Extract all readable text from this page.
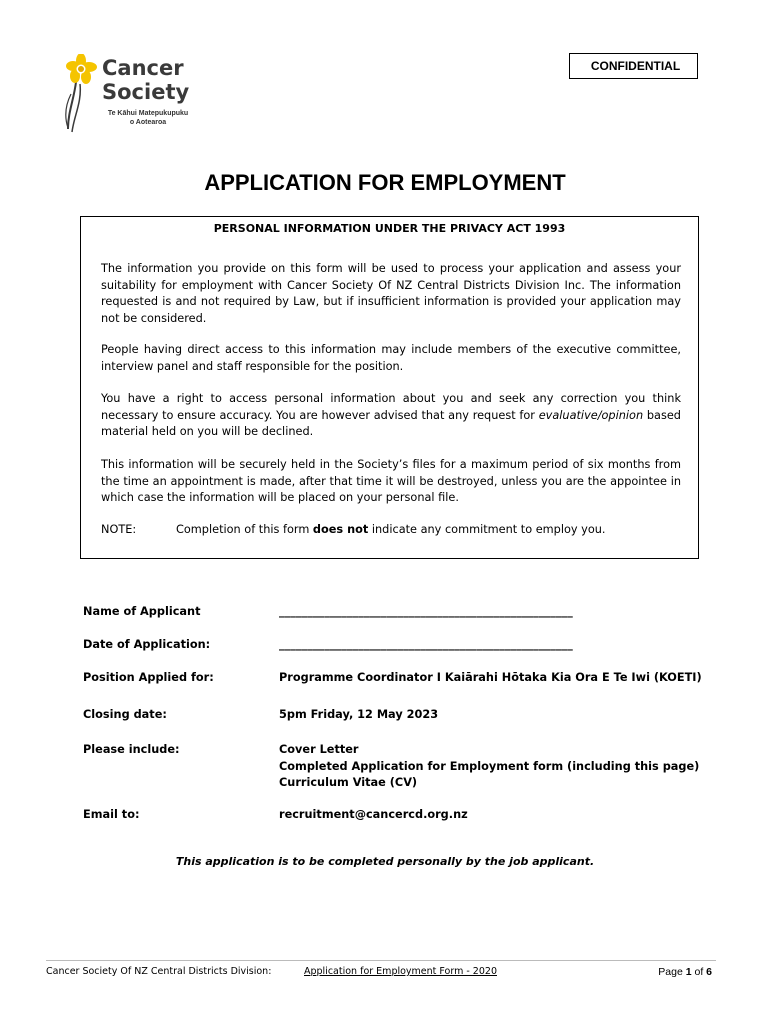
Cancer
Society
Te Kāhui Matepukupuku
o Aotearoa
CONFIDENTIAL
APPLICATION FOR EMPLOYMENT
PERSONAL INFORMATION UNDER THE PRIVACY ACT 1993
The information you provide on this form will be used to process your application and assess your suitability for employment with Cancer Society Of NZ Central Districts Division Inc. The information requested is and not required by Law, but if insufficient information is provided your application may not be considered.
People having direct access to this information may include members of the executive committee, interview panel and staff responsible for the position.
You have a right to access personal information about you and seek any correction you think necessary to ensure accuracy. You are however advised that any request for evaluative/opinion based material held on you will be declined.
This information will be securely held in the Society’s files for a maximum period of six months from the time an appointment is made, after that time it will be destroyed, unless you are the appointee in which case the information will be placed on your personal file.
NOTE:	Completion of this form does not indicate any commitment to employ you.
Name of Applicant	____________________________________________________
Date of Application:	____________________________________________________
Position Applied for:	Programme Coordinator I Kaiārahi Hōtaka Kia Ora E Te Iwi (KOETI)
Closing date:	5pm Friday, 12 May 2023
Please include:	Cover Letter
Completed Application for Employment form (including this page)
Curriculum Vitae (CV)
Email to:	recruitment@cancercd.org.nz
This application is to be completed personally by the job applicant.
Cancer Society Of NZ Central Districts Division:	Application for Employment Form - 2020	Page 1 of 6
